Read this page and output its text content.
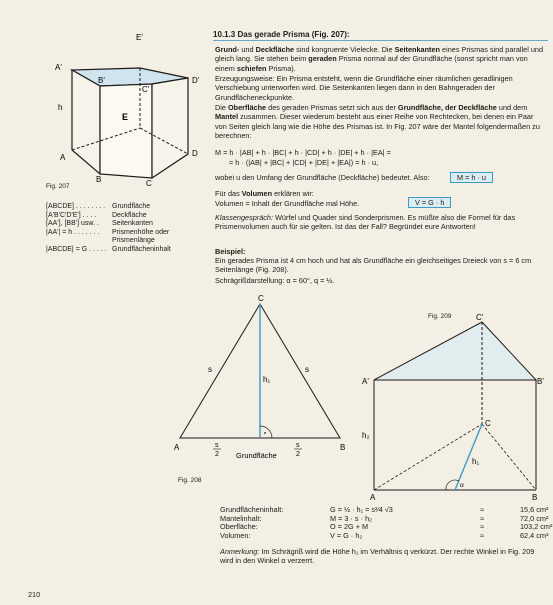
E'
A'
B'
C'
D'
h
E
A
B	C
D
Fig. 207
[ABCDE] . . . . . . . . Grundfläche
[A'B'C'D'E'] . . . .	Deckfläche
[AA'], [BB'] usw. .	Seitenkanten
|AA'| = h . . . . . . .	Prismenhöhe oder
Prismenlänge
|ABCDE| = G . . . . . Grundflächeninhalt
10.1.3 Das gerade Prisma (Fig. 207):
Grund- und Deckfläche sind kongruente Vielecke. Die Seitenkanten eines Prismas sind parallel und gleich lang. Sie stehen beim geraden Prisma normal auf der Grundfläche (sonst spricht man von einem schiefen Prisma).
Erzeugungsweise: Ein Prisma entsteht, wenn die Grundfläche einer räumlichen geradlinigen Verschiebung unterworfen wird. Die Seitenkanten liegen dann in den Bahngeraden der Grundflächeneckpunkte.
Die Oberfläche des geraden Prismas setzt sich aus der Grundfläche, der Deckfläche und dem Mantel zusammen. Dieser wiederum besteht aus einer Reihe von Rechtecken, bei denen ein Paar von Seiten gleich lang wie die Höhe des Prismas ist. In Fig. 207 wäre der Mantel folgendermaßen zu berechnen:
M = h · |AB| + h · |BC| + h · |CD| + h · |DE| + h · |EA| =
= h · (|AB| + |BC| + |CD| + |DE| + |EA|) = h · u,
wobei u den Umfang der Grundfläche (Deckfläche) bedeutet. Also:	M = h · u
Für das Volumen erklären wir:
Volumen = Inhalt der Grundfläche mal Höhe.	V = G · h
Klassengespräch: Würfel und Quader sind Sonderprismen. Es müßte also die Formel für das Prismenvolumen auch für sie gelten. Ist das der Fall? Begründet eure Antworten!
Beispiel:
Ein gerades Prisma ist 4 cm hoch und hat als Grundfläche ein gleichseitiges Dreieck von s = 6 cm Seitenlänge (Fig. 208).
Schrägrißdarstellung: α = 60°, q = ½.
C
s	s
h₁
A	B
s
2
s
2
Grundfläche
Fig. 208
Fig. 209	C'
A'	B'
h₂
C
h₁
α
A	B
Grundflächeninhalt:	G = ½ · h₁ = s²⁄4 √3	≈	15,6 cm²
Mantelinhalt:	M = 3 · s · h₂	≈	72,0 cm²
Oberfläche:	O = 2G + M	≈	103,2 cm²
Volumen:	V = G · h₂	≈	62,4 cm³
Anmerkung: Im Schrägriß wird die Höhe h₁ im Verhältnis q verkürzt. Der rechte Winkel in Fig. 209 wird in den Winkel α verzerrt.
210
